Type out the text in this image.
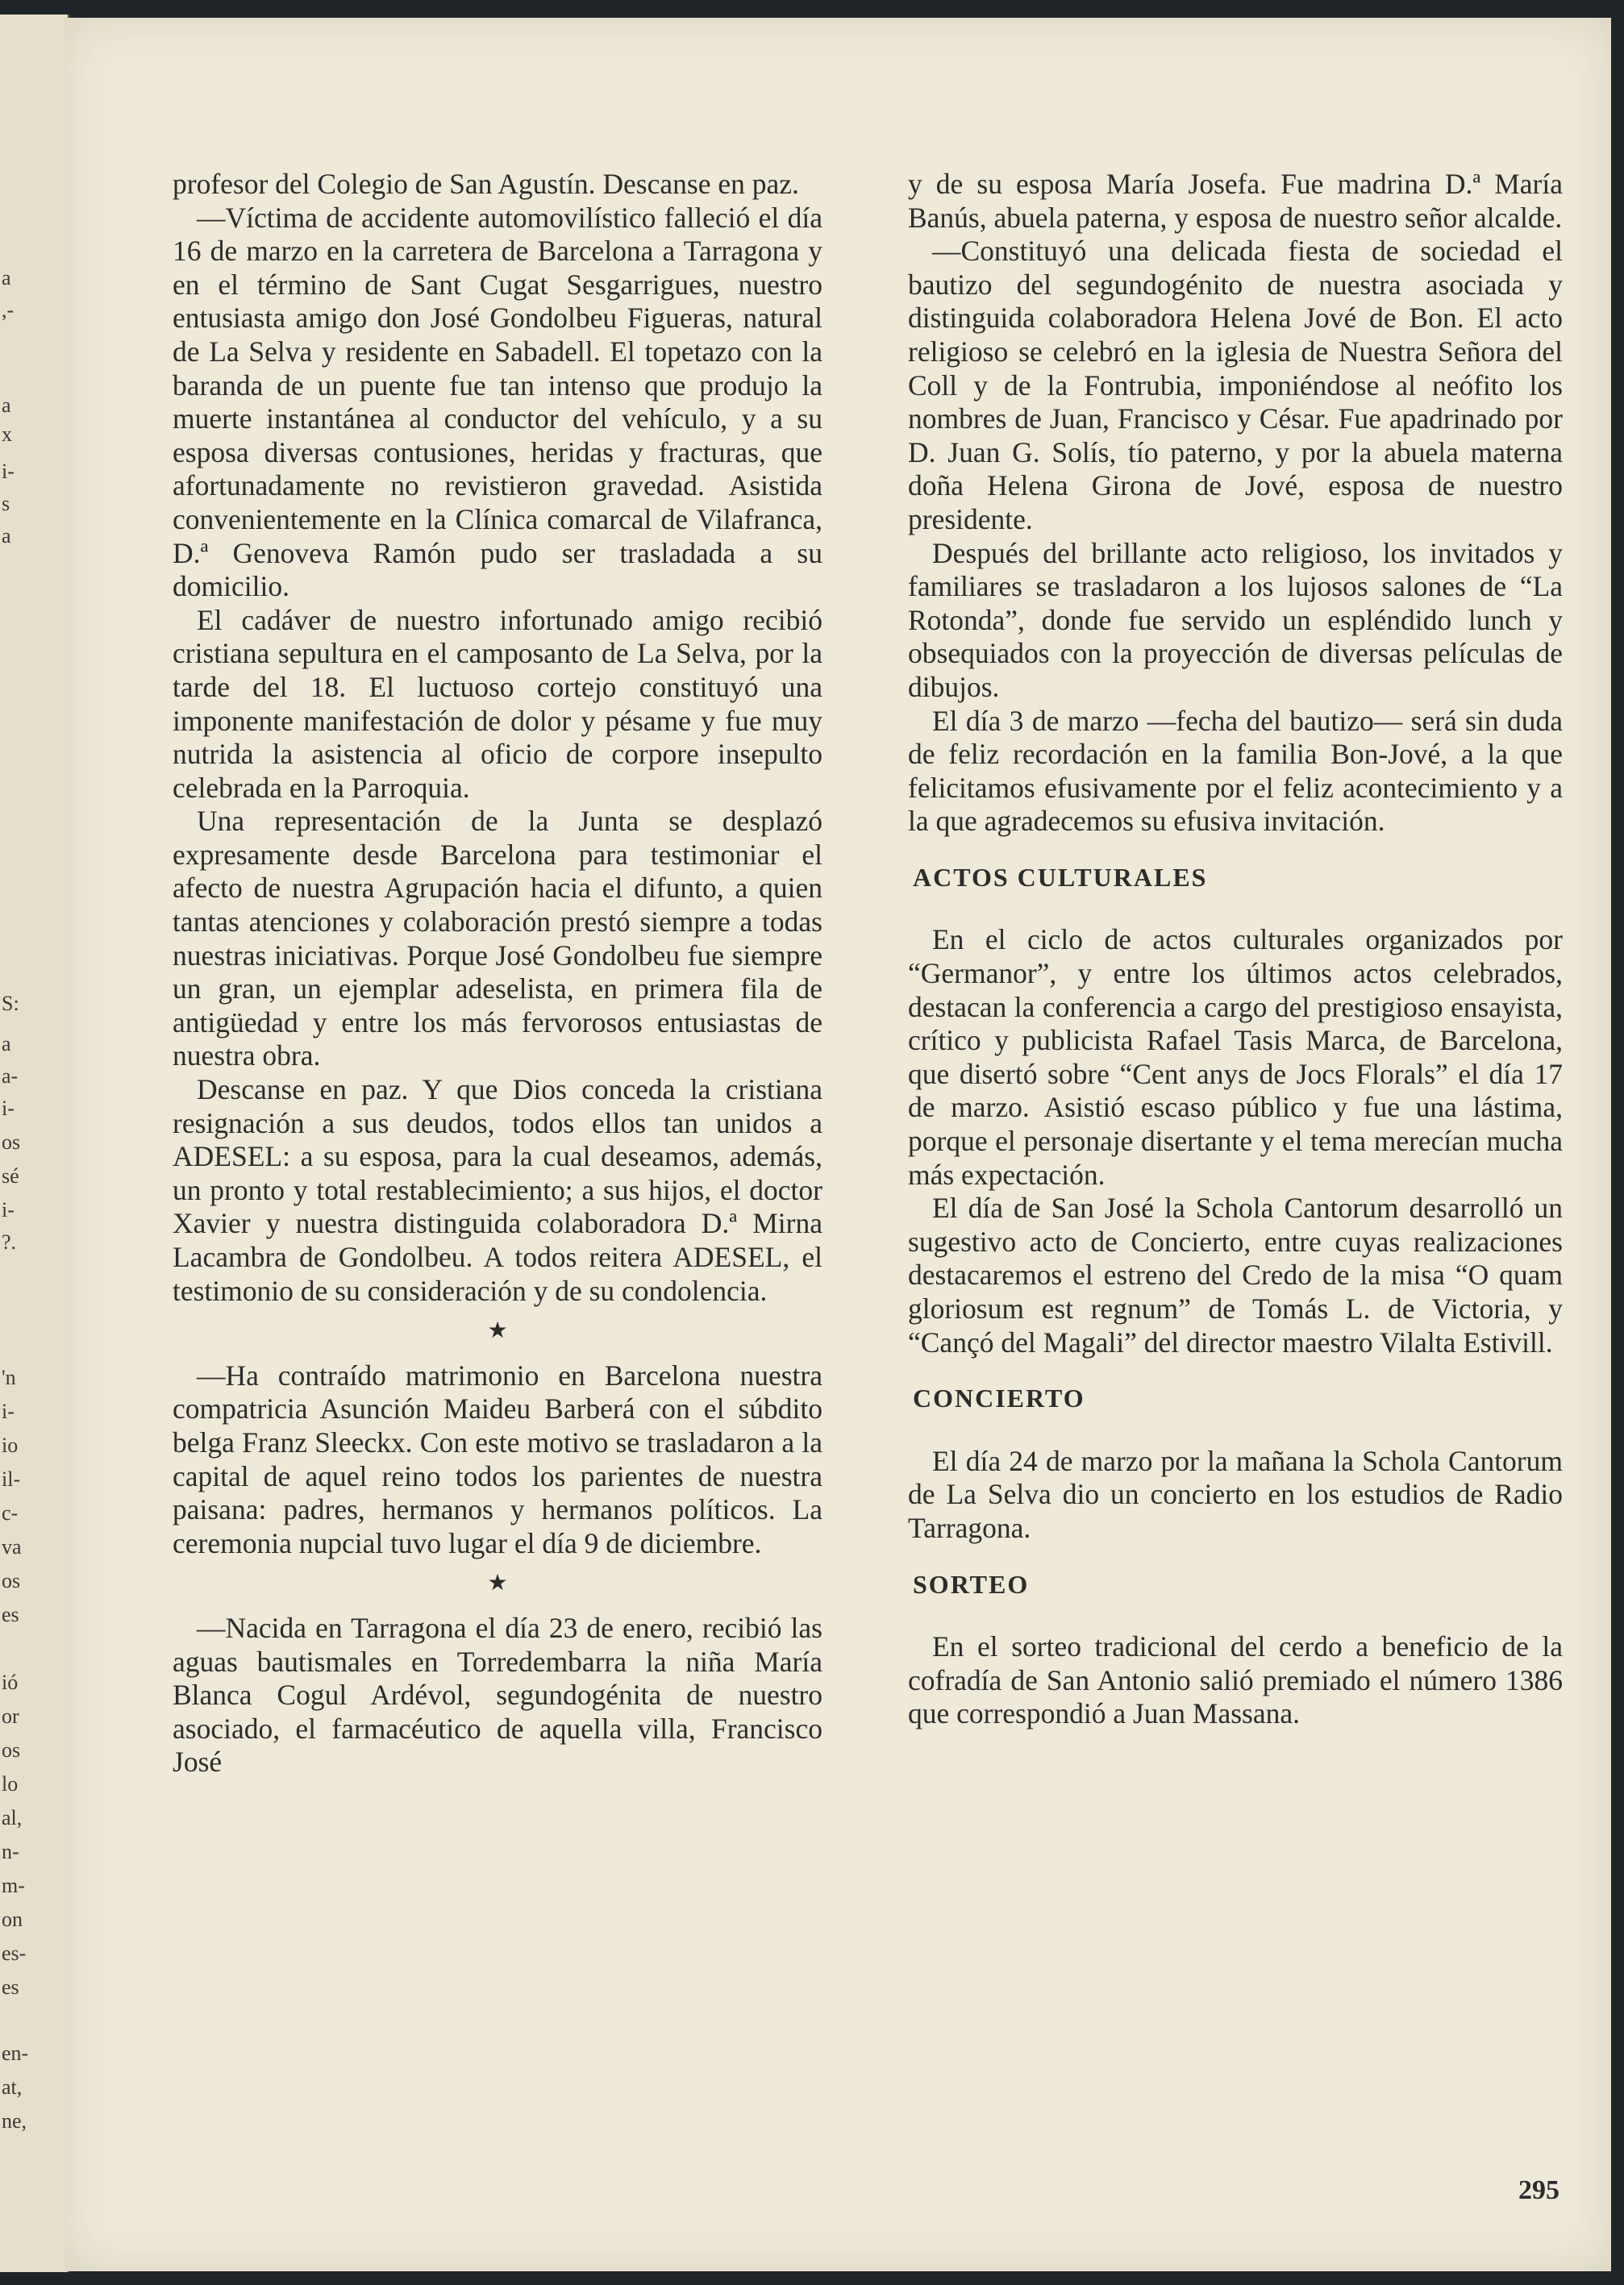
a
,-
a
x
i-
s
a
S:
a
a-
i-
os
sé
i-
?.
'n
i-
io
il-
c-
va
os
es
ió
or
os
lo
al,
n-
m-
on
es-
es
en-
at,
ne,

profesor del Colegio de San Agustín. Descanse en paz.

—Víctima de accidente automovilístico falleció el día 16 de marzo en la carretera de Barcelona a Tarragona y en el término de Sant Cugat Sesgarrigues, nuestro entusiasta amigo don José Gondolbeu Figueras, natural de La Selva y residente en Sabadell. El topetazo con la baranda de un puente fue tan intenso que produjo la muerte instantánea al conductor del vehículo, y a su esposa diversas contusiones, heridas y fracturas, que afortunadamente no revistieron gravedad. Asistida convenientemente en la Clínica comarcal de Vilafranca, D.ª Genoveva Ramón pudo ser trasladada a su domicilio.

El cadáver de nuestro infortunado amigo recibió cristiana sepultura en el camposanto de La Selva, por la tarde del 18. El luctuoso cortejo constituyó una imponente manifestación de dolor y pésame y fue muy nutrida la asistencia al oficio de corpore insepulto celebrada en la Parroquia.

Una representación de la Junta se desplazó expresamente desde Barcelona para testimoniar el afecto de nuestra Agrupación hacia el difunto, a quien tantas atenciones y colaboración prestó siempre a todas nuestras iniciativas. Porque José Gondolbeu fue siempre un gran, un ejemplar adeselista, en primera fila de antigüedad y entre los más fervorosos entusiastas de nuestra obra.

Descanse en paz. Y que Dios conceda la cristiana resignación a sus deudos, todos ellos tan unidos a ADESEL: a su esposa, para la cual deseamos, además, un pronto y total restablecimiento; a sus hijos, el doctor Xavier y nuestra distinguida colaboradora D.ª Mirna Lacambra de Gondolbeu. A todos reitera ADESEL, el testimonio de su consideración y de su condolencia.

★

—Ha contraído matrimonio en Barcelona nuestra compatricia Asunción Maideu Barberá con el súbdito belga Franz Sleeckx. Con este motivo se trasladaron a la capital de aquel reino todos los parientes de nuestra paisana: padres, hermanos y hermanos políticos. La ceremonia nupcial tuvo lugar el día 9 de diciembre.

★

—Nacida en Tarragona el día 23 de enero, recibió las aguas bautismales en Torredembarra la niña María Blanca Cogul Ardévol, segundogénita de nuestro asociado, el farmacéutico de aquella villa, Francisco José

y de su esposa María Josefa. Fue madrina D.ª María Banús, abuela paterna, y esposa de nuestro señor alcalde.

—Constituyó una delicada fiesta de sociedad el bautizo del segundogénito de nuestra asociada y distinguida colaboradora Helena Jové de Bon. El acto religioso se celebró en la iglesia de Nuestra Señora del Coll y de la Fontrubia, imponiéndose al neófito los nombres de Juan, Francisco y César. Fue apadrinado por D. Juan G. Solís, tío paterno, y por la abuela materna doña Helena Girona de Jové, esposa de nuestro presidente.

Después del brillante acto religioso, los invitados y familiares se trasladaron a los lujosos salones de “La Rotonda”, donde fue servido un espléndido lunch y obsequiados con la proyección de diversas películas de dibujos.

El día 3 de marzo —fecha del bautizo— será sin duda de feliz recordación en la familia Bon-Jové, a la que felicitamos efusivamente por el feliz acontecimiento y a la que agradecemos su efusiva invitación.

ACTOS CULTURALES

En el ciclo de actos culturales organizados por “Germanor”, y entre los últimos actos celebrados, destacan la conferencia a cargo del prestigioso ensayista, crítico y publicista Rafael Tasis Marca, de Barcelona, que disertó sobre “Cent anys de Jocs Florals” el día 17 de marzo. Asistió escaso público y fue una lástima, porque el personaje disertante y el tema merecían mucha más expectación.

El día de San José la Schola Cantorum desarrolló un sugestivo acto de Concierto, entre cuyas realizaciones destacaremos el estreno del Credo de la misa “O quam gloriosum est regnum” de Tomás L. de Victoria, y “Cançó del Magali” del director maestro Vilalta Estivill.

CONCIERTO

El día 24 de marzo por la mañana la Schola Cantorum de La Selva dio un concierto en los estudios de Radio Tarragona.

SORTEO

En el sorteo tradicional del cerdo a beneficio de la cofradía de San Antonio salió premiado el número 1386 que correspondió a Juan Massana.

295
